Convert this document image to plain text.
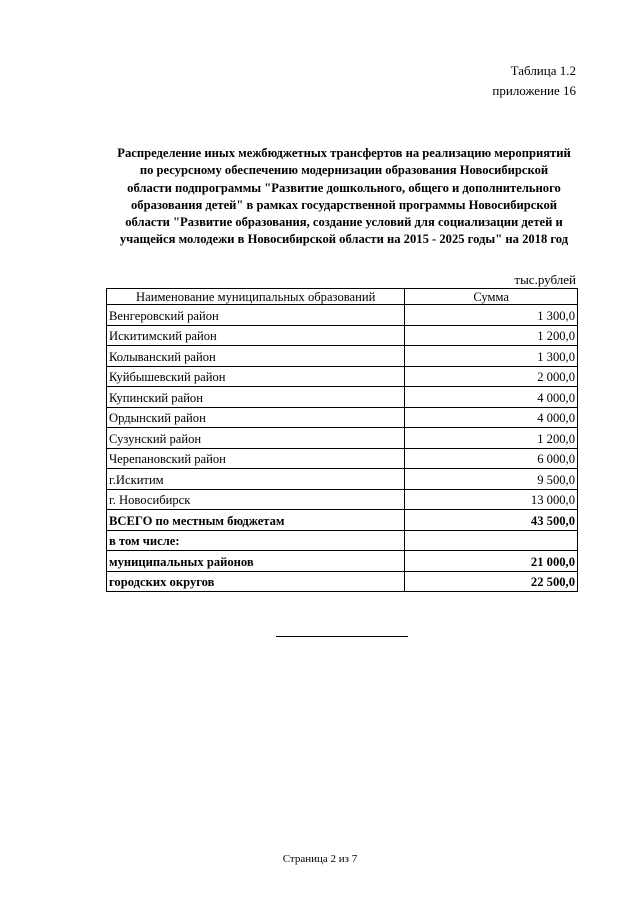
Таблица 1.2
приложение 16
Распределение иных межбюджетных трансфертов на реализацию мероприятий
по ресурсному обеспечению модернизации образования Новосибирской
области подпрограммы "Развитие дошкольного, общего и дополнительного
образования детей" в рамках государственной программы Новосибирской
области "Развитие образования, создание условий для социализации детей и
учащейся молодежи в Новосибирской области на 2015 - 2025 годы" на 2018 год
тыс.рублей
Наименование муниципальных образований	Сумма
Венгеровский район	1 300,0
Искитимский район	1 200,0
Колыванский район	1 300,0
Куйбышевский район	2 000,0
Купинский район	4 000,0
Ордынский район	4 000,0
Сузунский район	1 200,0
Черепановский район	6 000,0
г.Искитим	9 500,0
г. Новосибирск	13 000,0
ВСЕГО по местным бюджетам	43 500,0
в том числе:	
муниципальных районов	21 000,0
городских округов	22 500,0
Страница 2 из 7
